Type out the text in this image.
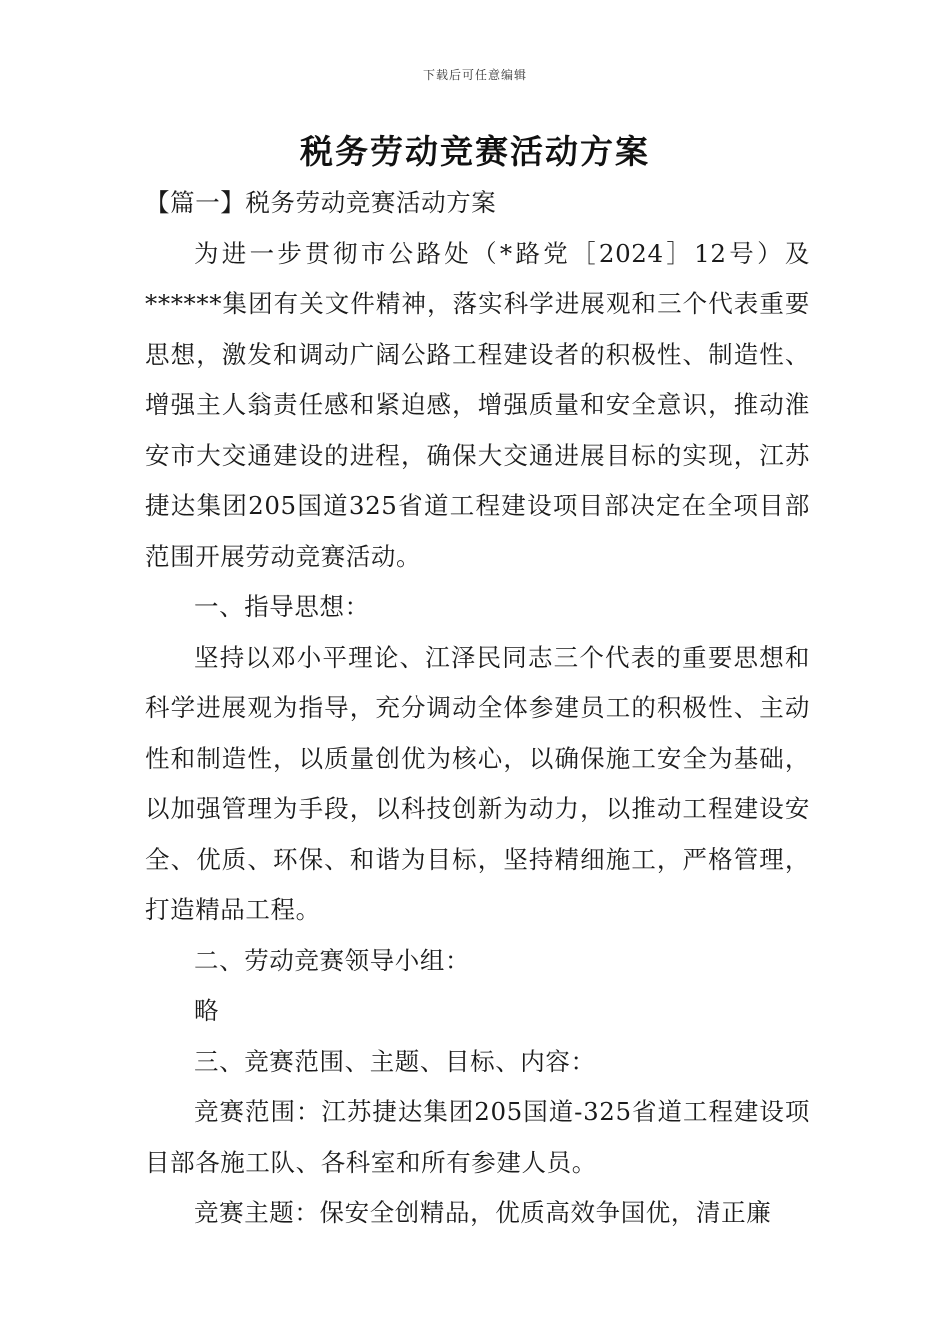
下载后可任意编辑
税务劳动竞赛活动方案

【篇一】税务劳动竞赛活动方案

为进一步贯彻市公路处（*路党［2024］12号）及******集团有关文件精神，落实科学进展观和三个代表重要思想，激发和调动广阔公路工程建设者的积极性、制造性、增强主人翁责任感和紧迫感，增强质量和安全意识，推动淮安市大交通建设的进程，确保大交通进展目标的实现，江苏捷达集团205国道325省道工程建设项目部决定在全项目部范围开展劳动竞赛活动。

一、指导思想：

坚持以邓小平理论、江泽民同志三个代表的重要思想和科学进展观为指导，充分调动全体参建员工的积极性、主动性和制造性，以质量创优为核心，以确保施工安全为基础，以加强管理为手段，以科技创新为动力，以推动工程建设安全、优质、环保、和谐为目标，坚持精细施工，严格管理，打造精品工程。

二、劳动竞赛领导小组：

略

三、竞赛范围、主题、目标、内容：

竞赛范围：江苏捷达集团205国道-325省道工程建设项目部各施工队、各科室和所有参建人员。

竞赛主题：保安全创精品，优质高效争国优，清正廉
